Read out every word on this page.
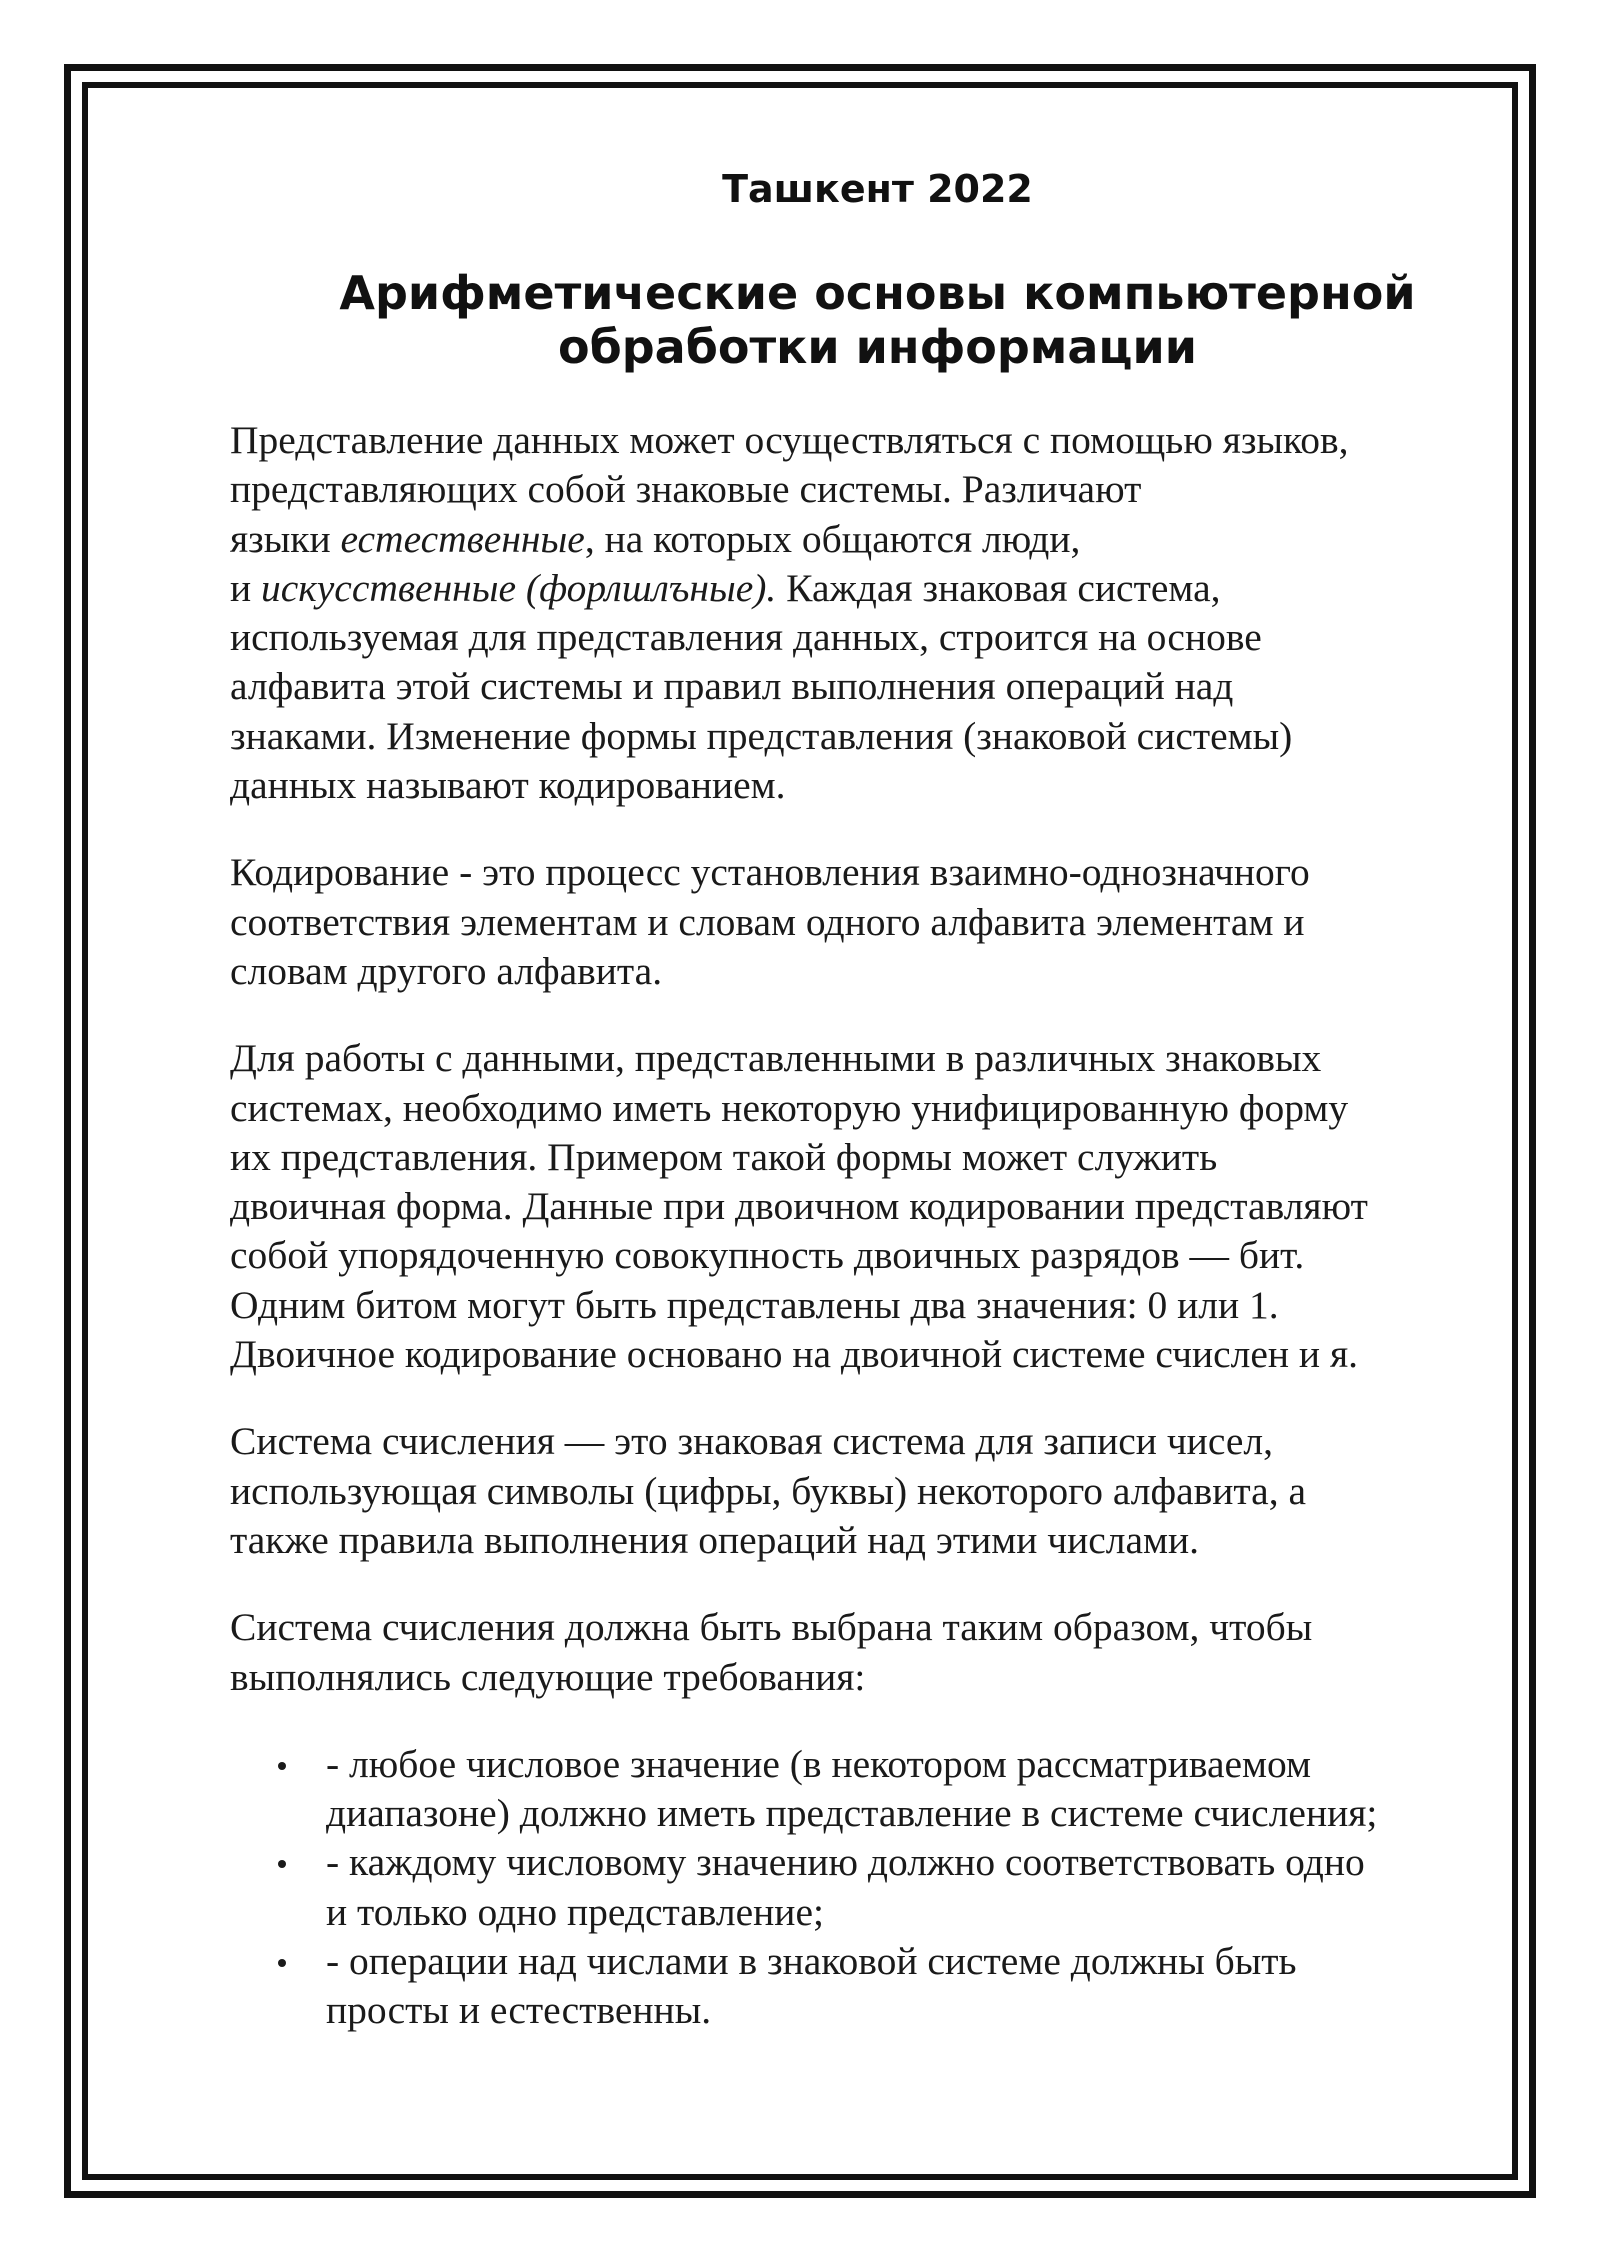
Ташкент 2022
Арифметические основы компьютерной
обработки информации

Представление данных может осуществляться с помощью языков,
представляющих собой знаковые системы. Различают
языки естественные, на которых общаются люди,
и искусственные (форлшлъные). Каждая знаковая система,
используемая для представления данных, строится на основе
алфавита этой системы и правил выполнения операций над
знаками. Изменение формы представления (знаковой системы)
данных называют кодированием.

Кодирование - это процесс установления взаимно-однозначного
соответствия элементам и словам одного алфавита элементам и
словам другого алфавита.

Для работы с данными, представленными в различных знаковых
системах, необходимо иметь некоторую унифицированную форму
их представления. Примером такой формы может служить
двоичная форма. Данные при двоичном кодировании представляют
собой упорядоченную совокупность двоичных разрядов — бит.
Одним битом могут быть представлены два значения: 0 или 1.
Двоичное кодирование основано на двоичной системе счислен и я.

Система счисления — это знаковая система для записи чисел,
использующая символы (цифры, буквы) некоторого алфавита, а
также правила выполнения операций над этими числами.

Система счисления должна быть выбрана таким образом, чтобы
выполнялись следующие требования:

- любое числовое значение (в некотором рассматриваемом
диапазоне) должно иметь представление в системе счисления;
- каждому числовому значению должно соответствовать одно
и только одно представление;
- операции над числами в знаковой системе должны быть
просты и естественны.
